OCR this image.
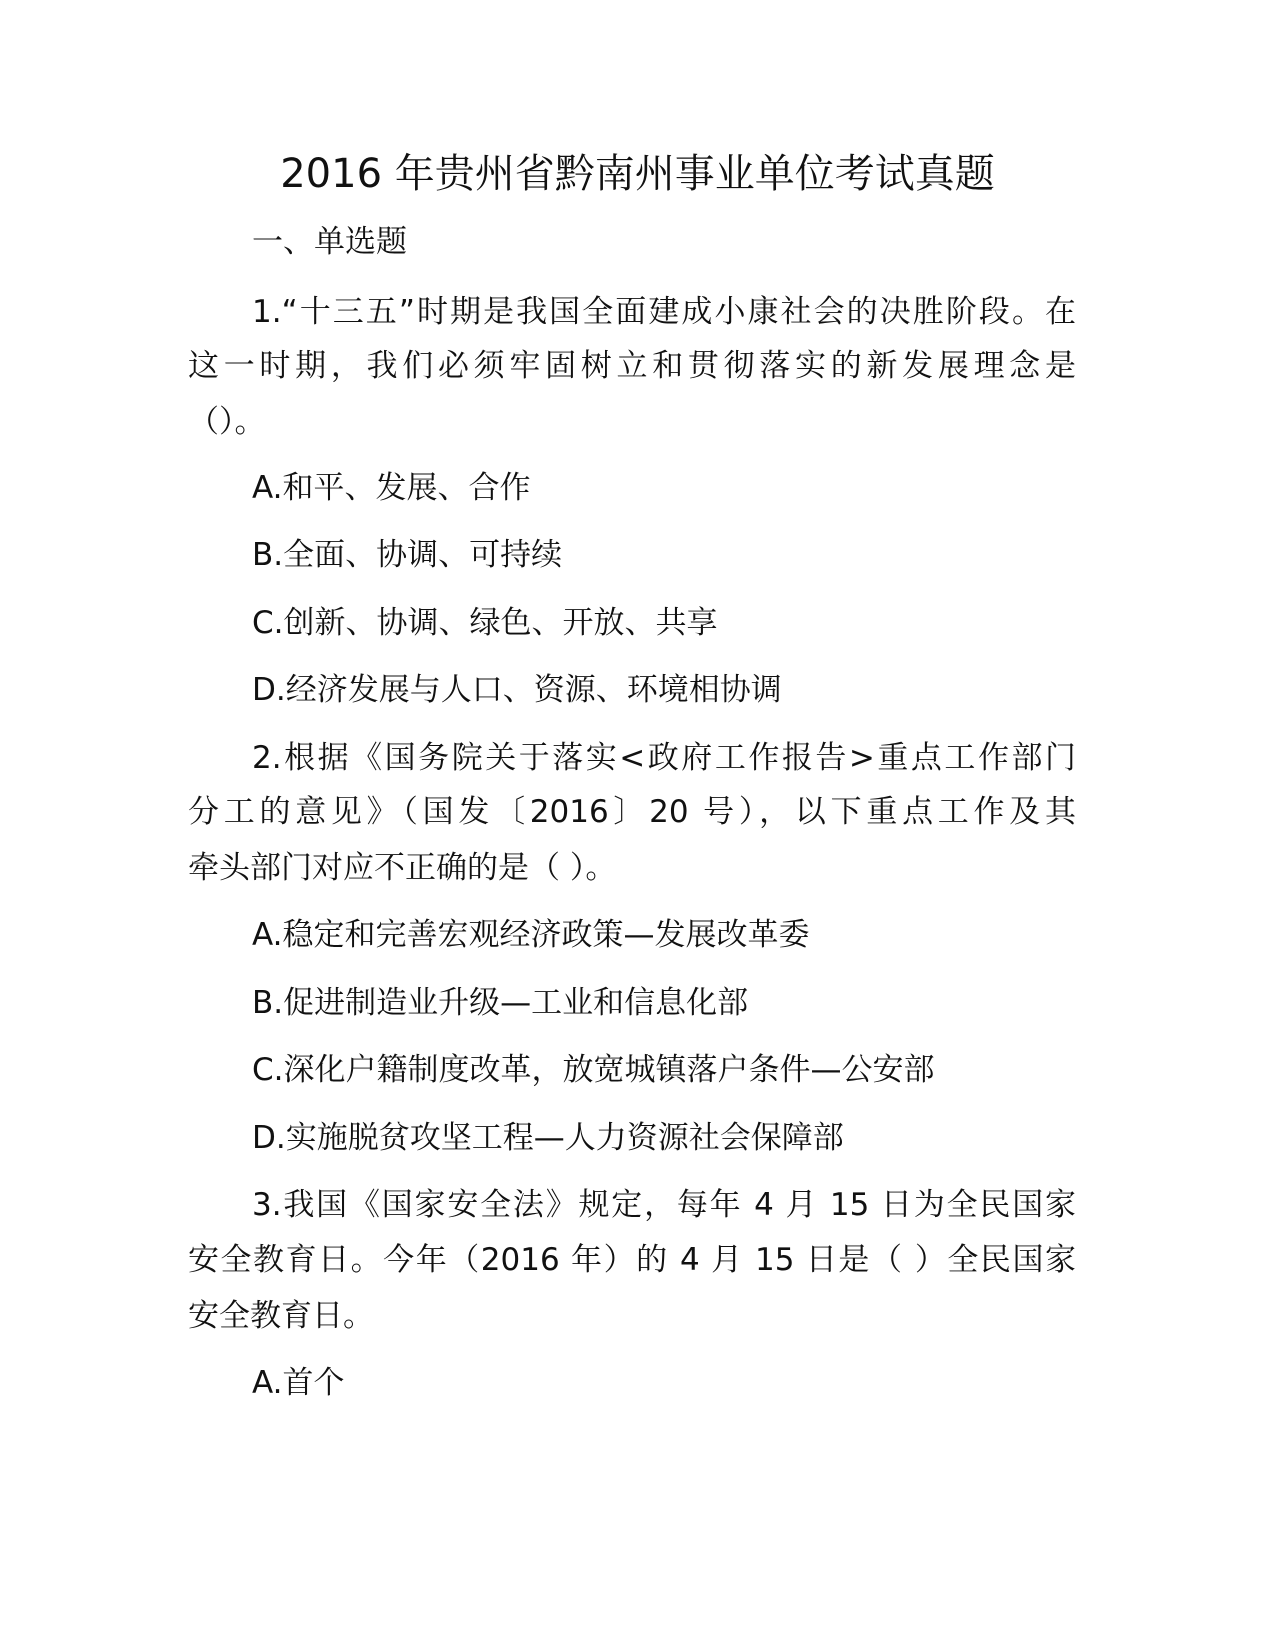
2016 年贵州省黔南州事业单位考试真题
一、单选题
1.“十三五”时期是我国全面建成小康社会的决胜阶段。在
这一时期，我们必须牢固树立和贯彻落实的新发展理念是
（）。
A.和平、发展、合作
B.全面、协调、可持续
C.创新、协调、绿色、开放、共享
D.经济发展与人口、资源、环境相协调
2.根据《国务院关于落实<政府工作报告>重点工作部门
分工的意见》（国发〔2016〕20 号），以下重点工作及其
牵头部门对应不正确的是（ ）。
A.稳定和完善宏观经济政策—发展改革委
B.促进制造业升级—工业和信息化部
C.深化户籍制度改革，放宽城镇落户条件—公安部
D.实施脱贫攻坚工程—人力资源社会保障部
3.我国《国家安全法》规定，每年 4 月 15 日为全民国家
安全教育日。今年（2016 年）的 4 月 15 日是（ ）全民国家
安全教育日。
A.首个
